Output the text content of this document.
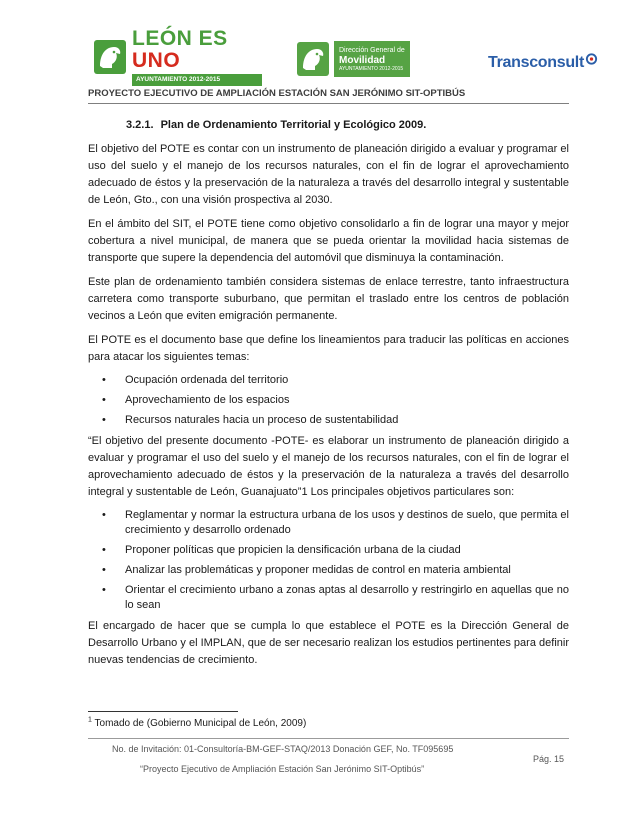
LEÓN ES UNO
AYUNTAMIENTO 2012-2015
Dirección General de
Movilidad
AYUNTAMIENTO 2012-2015	Transconsult
PROYECTO EJECUTIVO DE AMPLIACIÓN ESTACIÓN SAN JERÓNIMO SIT-OPTIBÚS
3.2.1. Plan de Ordenamiento Territorial y Ecológico 2009.

El objetivo del POTE es contar con un instrumento de planeación dirigido a evaluar y programar el uso del suelo y el manejo de los recursos naturales, con el fin de lograr el aprovechamiento adecuado de éstos y la preservación de la naturaleza a través del desarrollo integral y sustentable de León, Gto., con una visión prospectiva al 2030.

En el ámbito del SIT, el POTE tiene como objetivo consolidarlo a fin de lograr una mayor y mejor cobertura a nivel municipal, de manera que se pueda orientar la movilidad hacia sistemas de transporte que supere la dependencia del automóvil que disminuya la contaminación.

Este plan de ordenamiento también considera sistemas de enlace terrestre, tanto infraestructura carretera como transporte suburbano, que permitan el traslado entre los centros de población vecinos a León que eviten emigración permanente.

El POTE es el documento base que define los lineamientos para traducir las políticas en acciones para atacar los siguientes temas:

• Ocupación ordenada del territorio
• Aprovechamiento de los espacios
• Recursos naturales hacia un proceso de sustentabilidad

“El objetivo del presente documento -POTE- es elaborar un instrumento de planeación dirigido a evaluar y programar el uso del suelo y el manejo de los recursos naturales, con el fin de lograr el aprovechamiento adecuado de éstos y la preservación de la naturaleza a través del desarrollo integral y sustentable de León, Guanajuato”1 Los principales objetivos particulares son:

• Reglamentar y normar la estructura urbana de los usos y destinos de suelo, que permita el crecimiento y desarrollo ordenado
• Proponer políticas que propicien la densificación urbana de la ciudad
• Analizar las problemáticas y proponer medidas de control en materia ambiental
• Orientar el crecimiento urbano a zonas aptas al desarrollo y restringirlo en aquellas que no lo sean

El encargado de hacer que se cumpla lo que establece el POTE es la Dirección General de Desarrollo Urbano y el IMPLAN, que de ser necesario realizan los estudios pertinentes para definir nuevas tendencias de crecimiento.

$^1$ Tomado de (Gobierno Municipal de León, 2009)
No. de Invitación: 01-Consultoría-BM-GEF-STAQ/2013 Donación GEF, No. TF095695
“Proyecto Ejecutivo de Ampliación Estación San Jerónimo SIT-Optibús”
Pág. 15
